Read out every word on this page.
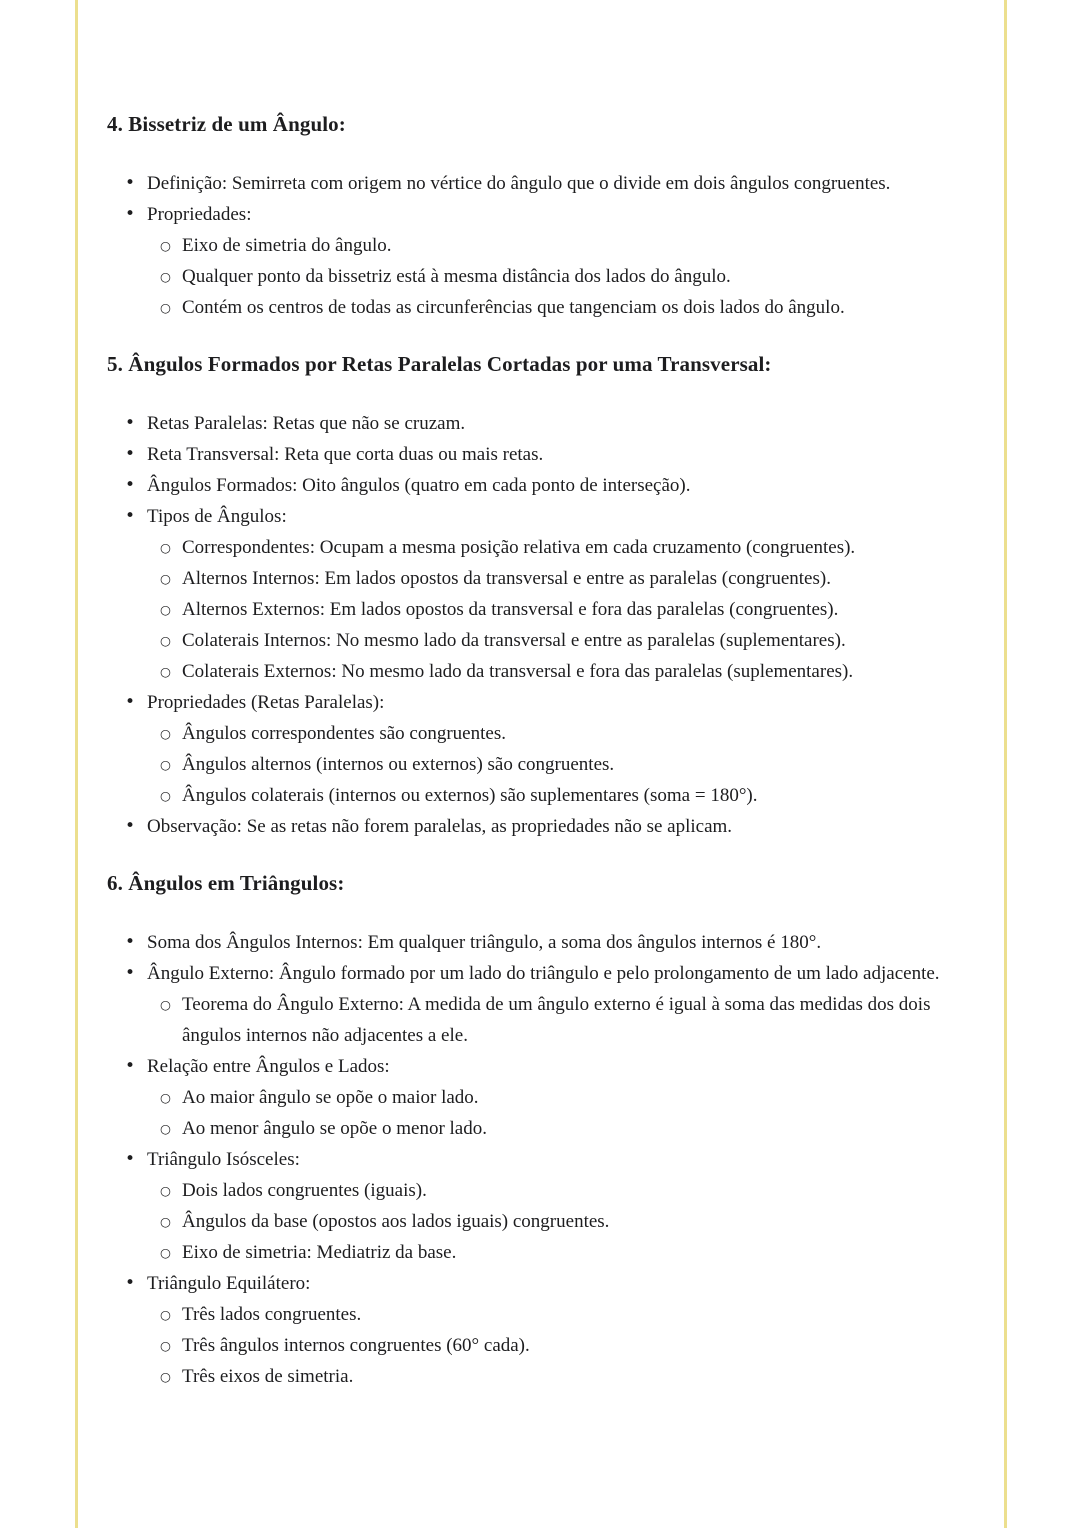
4. Bissetriz de um Ângulo:
• Definição: Semirreta com origem no vértice do ângulo que o divide em dois ângulos congruentes.
• Propriedades:
○ Eixo de simetria do ângulo.
○ Qualquer ponto da bissetriz está à mesma distância dos lados do ângulo.
○ Contém os centros de todas as circunferências que tangenciam os dois lados do ângulo.
5. Ângulos Formados por Retas Paralelas Cortadas por uma Transversal:
• Retas Paralelas: Retas que não se cruzam.
• Reta Transversal: Reta que corta duas ou mais retas.
• Ângulos Formados: Oito ângulos (quatro em cada ponto de interseção).
• Tipos de Ângulos:
○ Correspondentes: Ocupam a mesma posição relativa em cada cruzamento (congruentes).
○ Alternos Internos: Em lados opostos da transversal e entre as paralelas (congruentes).
○ Alternos Externos: Em lados opostos da transversal e fora das paralelas (congruentes).
○ Colaterais Internos: No mesmo lado da transversal e entre as paralelas (suplementares).
○ Colaterais Externos: No mesmo lado da transversal e fora das paralelas (suplementares).
• Propriedades (Retas Paralelas):
○ Ângulos correspondentes são congruentes.
○ Ângulos alternos (internos ou externos) são congruentes.
○ Ângulos colaterais (internos ou externos) são suplementares (soma = 180°).
• Observação: Se as retas não forem paralelas, as propriedades não se aplicam.
6. Ângulos em Triângulos:
• Soma dos Ângulos Internos: Em qualquer triângulo, a soma dos ângulos internos é 180°.
• Ângulo Externo: Ângulo formado por um lado do triângulo e pelo prolongamento de um lado adjacente.
○ Teorema do Ângulo Externo: A medida de um ângulo externo é igual à soma das medidas dos dois ângulos internos não adjacentes a ele.
• Relação entre Ângulos e Lados:
○ Ao maior ângulo se opõe o maior lado.
○ Ao menor ângulo se opõe o menor lado.
• Triângulo Isósceles:
○ Dois lados congruentes (iguais).
○ Ângulos da base (opostos aos lados iguais) congruentes.
○ Eixo de simetria: Mediatriz da base.
• Triângulo Equilátero:
○ Três lados congruentes.
○ Três ângulos internos congruentes (60° cada).
○ Três eixos de simetria.
